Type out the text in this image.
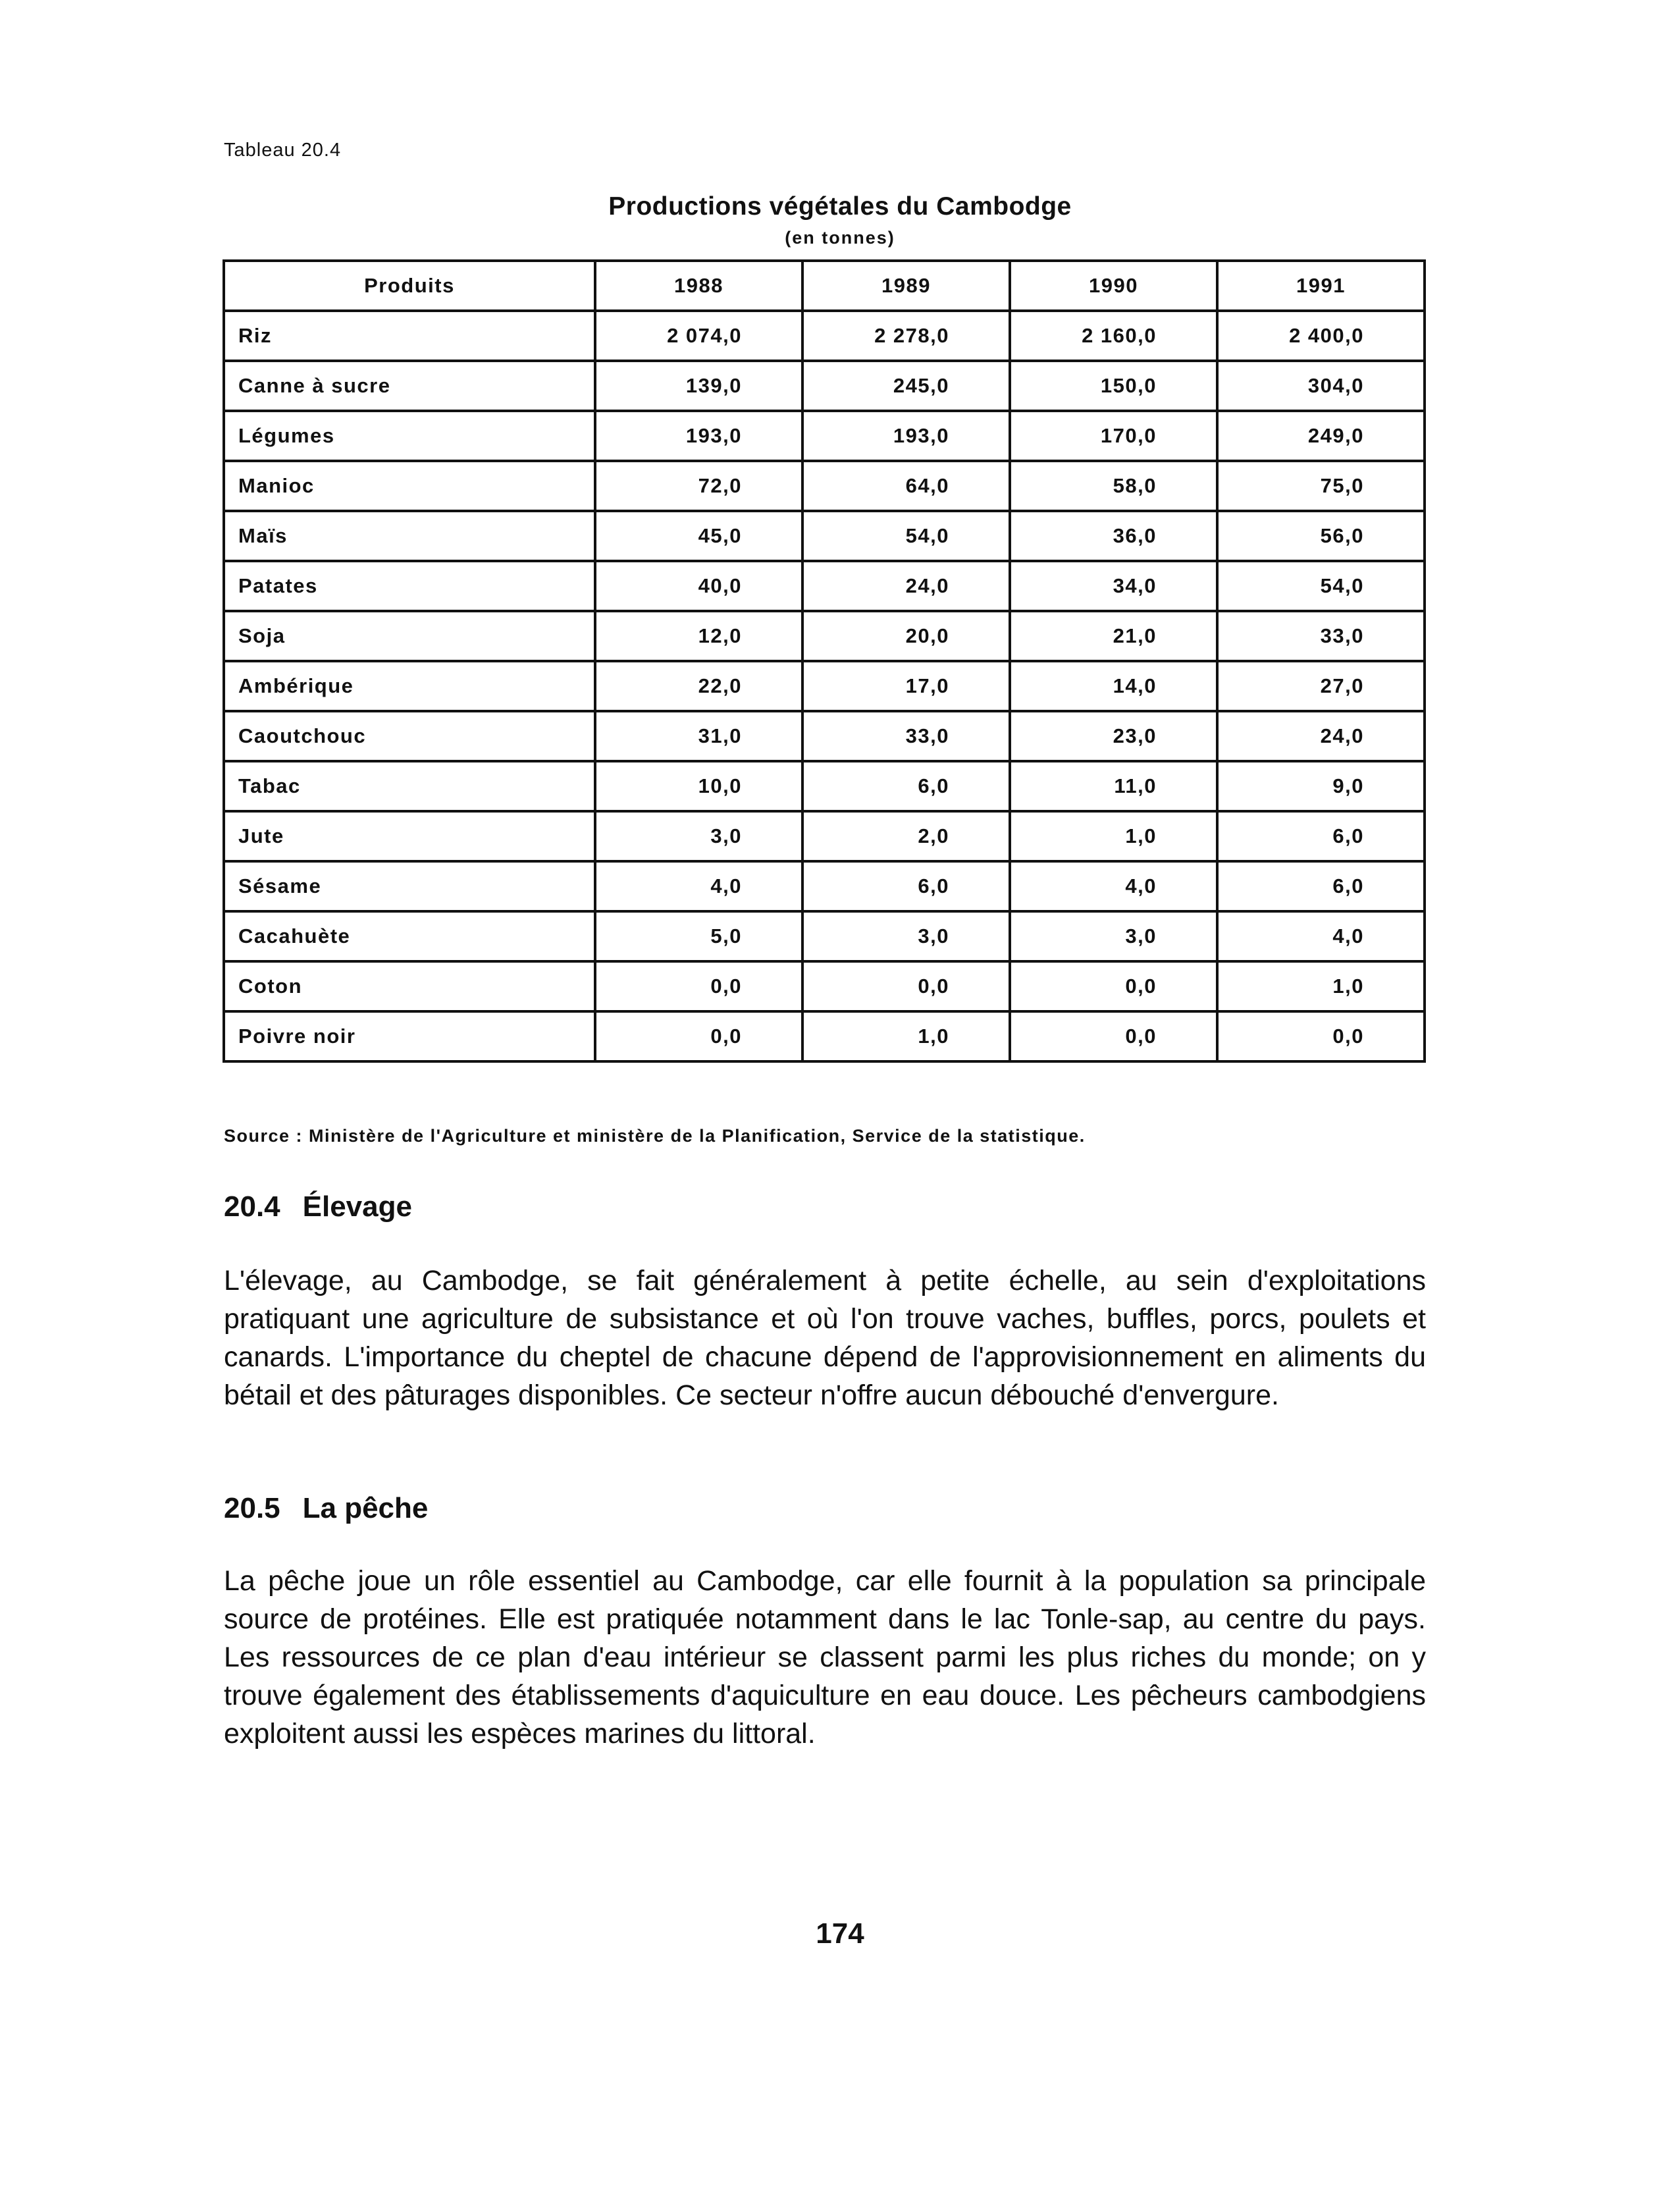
Tableau 20.4
Productions végétales du Cambodge
(en tonnes)
Produits	1988	1989	1990	1991
Riz	2 074,0	2 278,0	2 160,0	2 400,0
Canne à sucre	139,0	245,0	150,0	304,0
Légumes	193,0	193,0	170,0	249,0
Manioc	72,0	64,0	58,0	75,0
Maïs	45,0	54,0	36,0	56,0
Patates	40,0	24,0	34,0	54,0
Soja	12,0	20,0	21,0	33,0
Ambérique	22,0	17,0	14,0	27,0
Caoutchouc	31,0	33,0	23,0	24,0
Tabac	10,0	6,0	11,0	9,0
Jute	3,0	2,0	1,0	6,0
Sésame	4,0	6,0	4,0	6,0
Cacahuète	5,0	3,0	3,0	4,0
Coton	0,0	0,0	0,0	1,0
Poivre noir	0,0	1,0	0,0	0,0
Source : Ministère de l'Agriculture et ministère de la Planification, Service de la statistique.
20.4 Élevage
L'élevage, au Cambodge, se fait généralement à petite échelle, au sein d'exploitations pratiquant une agriculture de subsistance et où l'on trouve vaches, buffles, porcs, poulets et canards. L'importance du cheptel de chacune dépend de l'approvisionnement en aliments du bétail et des pâturages disponibles. Ce secteur n'offre aucun débouché d'envergure.
20.5 La pêche
La pêche joue un rôle essentiel au Cambodge, car elle fournit à la population sa principale source de protéines. Elle est pratiquée notamment dans le lac Tonle-sap, au centre du pays. Les ressources de ce plan d'eau intérieur se classent parmi les plus riches du monde; on y trouve également des établissements d'aquiculture en eau douce. Les pêcheurs cambodgiens exploitent aussi les espèces marines du littoral.
174
